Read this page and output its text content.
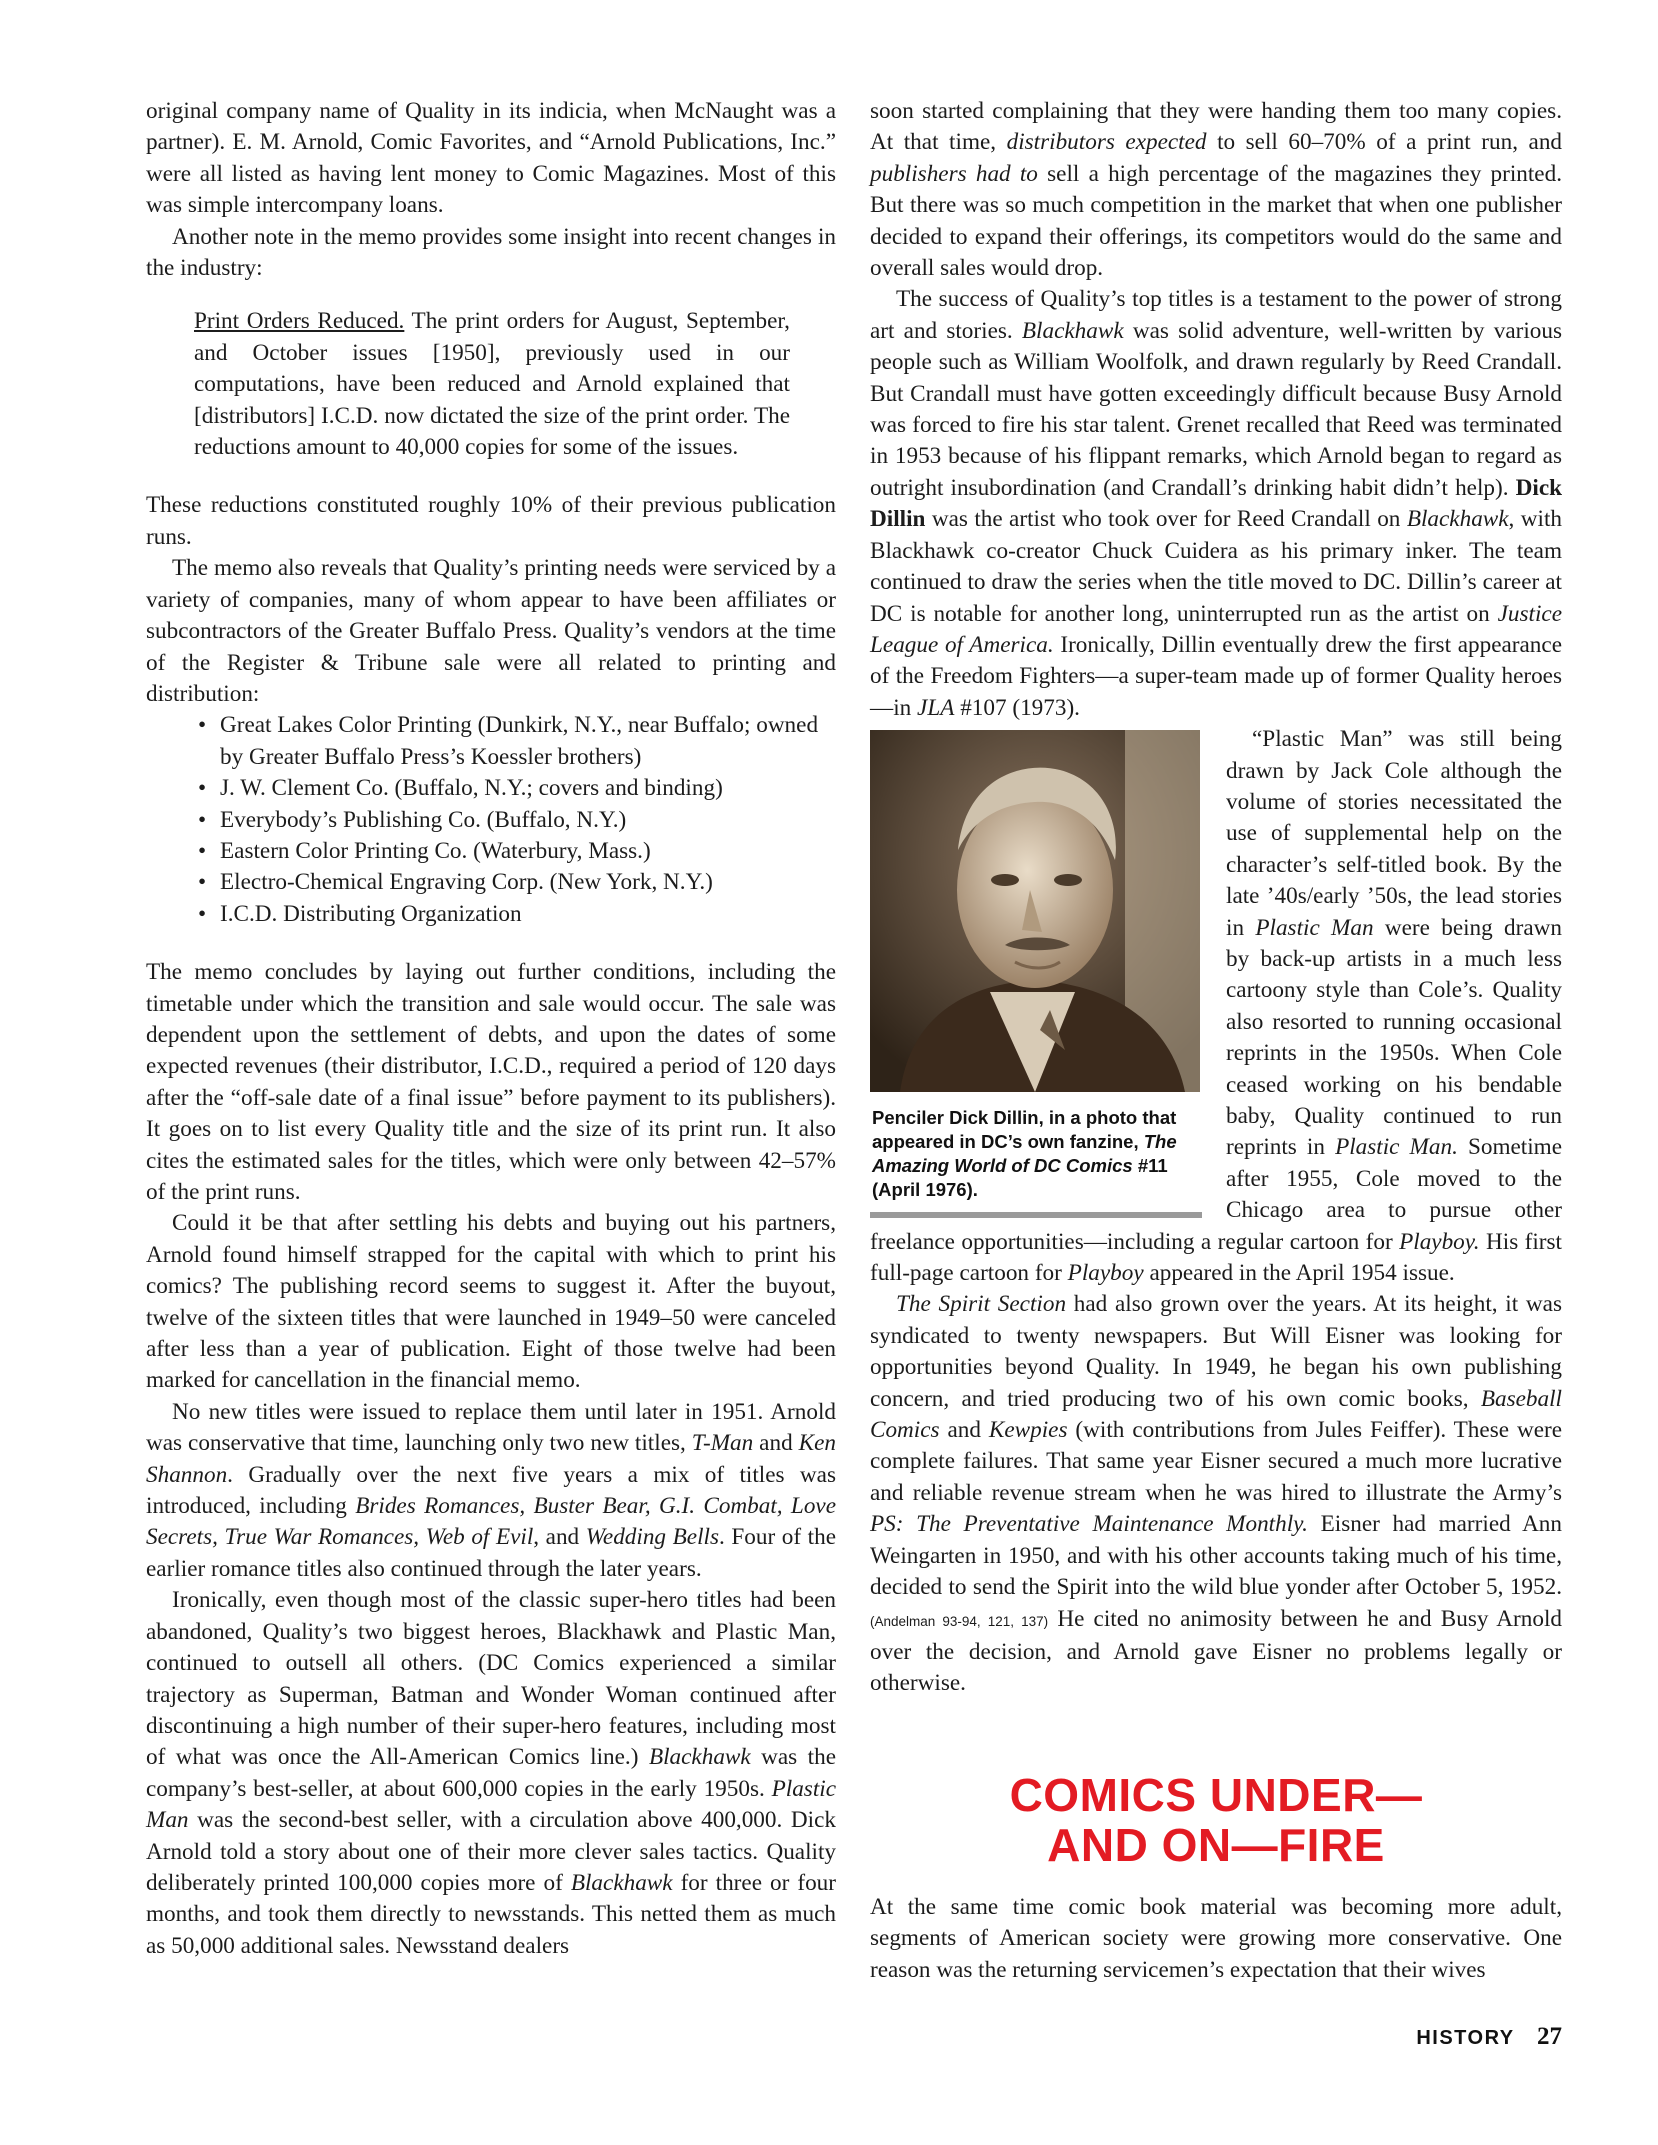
original company name of Quality in its indicia, when McNaught was a partner). E. M. Arnold, Comic Favorites, and “Arnold Publications, Inc.” were all listed as having lent money to Comic Magazines. Most of this was simple intercompany loans.

Another note in the memo provides some insight into recent changes in the industry:

Print Orders Reduced. The print orders for August, September, and October issues [1950], previously used in our computations, have been reduced and Arnold explained that [distributors] I.C.D. now dictated the size of the print order. The reductions amount to 40,000 copies for some of the issues.

These reductions constituted roughly 10% of their previous publication runs.

The memo also reveals that Quality’s printing needs were serviced by a variety of companies, many of whom appear to have been affiliates or subcontractors of the Greater Buffalo Press. Quality’s vendors at the time of the Register & Tribune sale were all related to printing and distribution:

• Great Lakes Color Printing (Dunkirk, N.Y., near Buffalo; owned by Greater Buffalo Press’s Koessler brothers)
• J. W. Clement Co. (Buffalo, N.Y.; covers and binding)
• Everybody’s Publishing Co. (Buffalo, N.Y.)
• Eastern Color Printing Co. (Waterbury, Mass.)
• Electro-Chemical Engraving Corp. (New York, N.Y.)
• I.C.D. Distributing Organization

The memo concludes by laying out further conditions, including the timetable under which the transition and sale would occur. The sale was dependent upon the settlement of debts, and upon the dates of some expected revenues (their distributor, I.C.D., required a period of 120 days after the “off-sale date of a final issue” before payment to its publishers). It goes on to list every Quality title and the size of its print run. It also cites the estimated sales for the titles, which were only between 42–57% of the print runs.

Could it be that after settling his debts and buying out his partners, Arnold found himself strapped for the capital with which to print his comics? The publishing record seems to suggest it. After the buyout, twelve of the sixteen titles that were launched in 1949–50 were canceled after less than a year of publication. Eight of those twelve had been marked for cancellation in the financial memo.

No new titles were issued to replace them until later in 1951. Arnold was conservative that time, launching only two new titles, T-Man and Ken Shannon. Gradually over the next five years a mix of titles was introduced, including Brides Romances, Buster Bear, G.I. Combat, Love Secrets, True War Romances, Web of Evil, and Wedding Bells. Four of the earlier romance titles also continued through the later years.

Ironically, even though most of the classic super-hero titles had been abandoned, Quality’s two biggest heroes, Blackhawk and Plastic Man, continued to outsell all others. (DC Comics experienced a similar trajectory as Superman, Batman and Wonder Woman continued after discontinuing a high number of their super-hero features, including most of what was once the All-American Comics line.) Blackhawk was the company’s best-seller, at about 600,000 copies in the early 1950s. Plastic Man was the second-best seller, with a circulation above 400,000. Dick Arnold told a story about one of their more clever sales tactics. Quality deliberately printed 100,000 copies more of Blackhawk for three or four months, and took them directly to newsstands. This netted them as much as 50,000 additional sales. Newsstand dealers

soon started complaining that they were handing them too many copies. At that time, distributors expected to sell 60–70% of a print run, and publishers had to sell a high percentage of the magazines they printed. But there was so much competition in the market that when one publisher decided to expand their offerings, its competitors would do the same and overall sales would drop.

The success of Quality’s top titles is a testament to the power of strong art and stories. Blackhawk was solid adventure, well-written by various people such as William Woolfolk, and drawn regularly by Reed Crandall. But Crandall must have gotten exceedingly difficult because Busy Arnold was forced to fire his star talent. Grenet recalled that Reed was terminated in 1953 because of his flippant remarks, which Arnold began to regard as outright insubordination (and Crandall’s drinking habit didn’t help). Dick Dillin was the artist who took over for Reed Crandall on Blackhawk, with Blackhawk co-creator Chuck Cuidera as his primary inker. The team continued to draw the series when the title moved to DC. Dillin’s career at DC is notable for another long, uninterrupted run as the artist on Justice League of America. Ironically, Dillin eventually drew the first appearance of the Freedom Fighters—a super-team made up of former Quality heroes—in JLA #107 (1973).

Penciler Dick Dillin, in a photo that appeared in DC’s own fanzine, The Amazing World of DC Comics #11 (April 1976).

“Plastic Man” was still being drawn by Jack Cole although the volume of stories necessitated the use of supplemental help on the character’s self-titled book. By the late ’40s/early ’50s, the lead stories in Plastic Man were being drawn by back-up artists in a much less cartoony style than Cole’s. Quality also resorted to running occasional reprints in the 1950s. When Cole ceased working on his bendable baby, Quality continued to run reprints in Plastic Man. Sometime after 1955, Cole moved to the Chicago area to pursue other freelance opportunities—including a regular cartoon for Playboy. His first full-page cartoon for Playboy appeared in the April 1954 issue.

The Spirit Section had also grown over the years. At its height, it was syndicated to twenty newspapers. But Will Eisner was looking for opportunities beyond Quality. In 1949, he began his own publishing concern, and tried producing two of his own comic books, Baseball Comics and Kewpies (with contributions from Jules Feiffer). These were complete failures. That same year Eisner secured a much more lucrative and reliable revenue stream when he was hired to illustrate the Army’s PS: The Preventative Maintenance Monthly. Eisner had married Ann Weingarten in 1950, and with his other accounts taking much of his time, decided to send the Spirit into the wild blue yonder after October 5, 1952. (Andelman 93-94, 121, 137) He cited no animosity between he and Busy Arnold over the decision, and Arnold gave Eisner no problems legally or otherwise.

COMICS UNDER—
AND ON—FIRE

At the same time comic book material was becoming more adult, segments of American society were growing more conservative. One reason was the returning servicemen’s expectation that their wives

HISTORY 27
